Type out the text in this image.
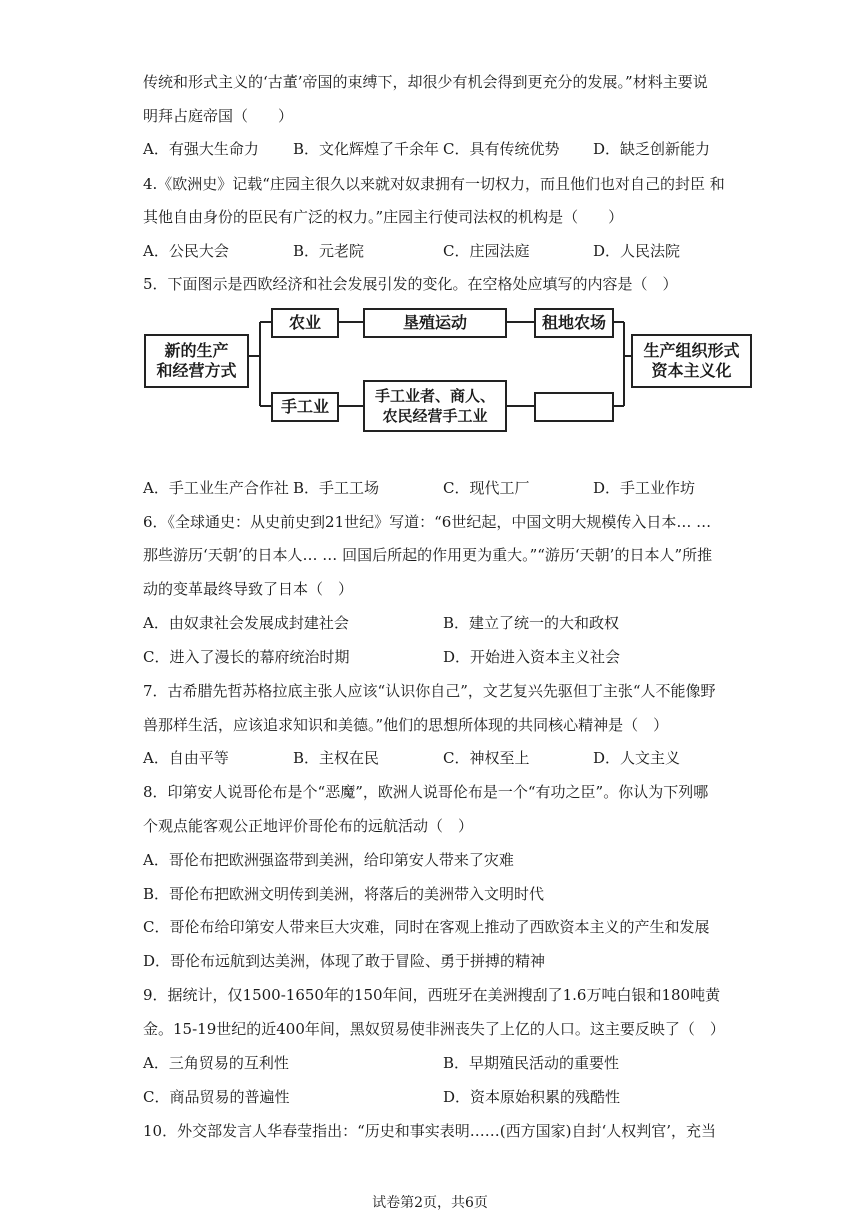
传统和形式主义的‘古董’帝国的束缚下，却很少有机会得到更充分的发展。”材料主要说
明拜占庭帝国（　　）
A．有强大生命力 B．文化辉煌了千余年 C．具有传统优势 D．缺乏创新能力
4.《欧洲史》记载“庄园主很久以来就对奴隶拥有一切权力，而且他们也对自己的封臣 和
其他自由身份的臣民有广泛的权力。”庄园主行使司法权的机构是（　　）
A．公民大会	B．元老院	C．庄园法庭	D．人民法院
5．下面图示是西欧经济和社会发展引发的变化。在空格处应填写的内容是（　）
新的生产
和经营方式
农业	垦殖运动	租地农场
手工业
手工业者、商人、
农民经营手工业
生产组织形式
资本主义化
A．手工业生产合作社 B．手工工场	C．现代工厂	D．手工业作坊
6．《全球通史：从史前史到21世纪》写道：“6世纪起，中国文明大规模传入日本… …
那些游历‘天朝’的日本人… … 回国后所起的作用更为重大。”“游历‘天朝’的日本人”所推
动的变革最终导致了日本（　）
A．由奴隶社会发展成封建社会	B．建立了统一的大和政权
C．进入了漫长的幕府统治时期	D．开始进入资本主义社会
7．古希腊先哲苏格拉底主张人应该“认识你自己”，文艺复兴先驱但丁主张“人不能像野
兽那样生活，应该追求知识和美德。”他们的思想所体现的共同核心精神是（　）
A．自由平等	B．主权在民	C．神权至上	D．人文主义
8．印第安人说哥伦布是个“恶魔”，欧洲人说哥伦布是一个“有功之臣”。你认为下列哪
个观点能客观公正地评价哥伦布的远航活动（　）
A．哥伦布把欧洲强盗带到美洲，给印第安人带来了灾难
B．哥伦布把欧洲文明传到美洲，将落后的美洲带入文明时代
C．哥伦布给印第安人带来巨大灾难，同时在客观上推动了西欧资本主义的产生和发展
D．哥伦布远航到达美洲，体现了敢于冒险、勇于拼搏的精神
9．据统计，仅1500-1650年的150年间，西班牙在美洲搜刮了1.6万吨白银和180吨黄
金。15-19世纪的近400年间，黑奴贸易使非洲丧失了上亿的人口。这主要反映了（　）
A．三角贸易的互利性	B．早期殖民活动的重要性
C．商品贸易的普遍性	D．资本原始积累的残酷性
10．外交部发言人华春莹指出：“历史和事实表明……(西方国家)自封‘人权判官’，充当
试卷第2页，共6页
